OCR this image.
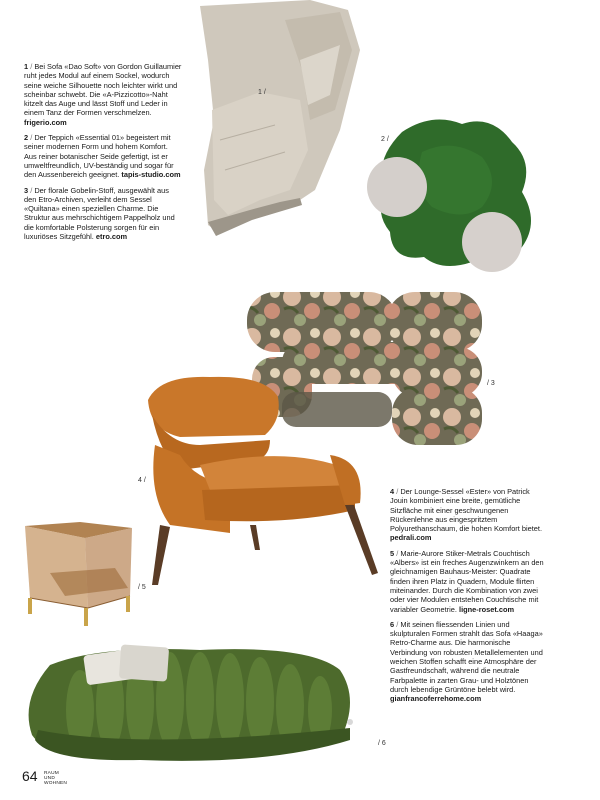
1 / Bei Sofa «Dao Soft» von Gordon Guillaumier ruht jedes Modul auf einem Sockel, wodurch seine weiche Silhouette noch leichter wirkt und scheinbar schwebt. Die «A-Pizzicotto»-Naht kitzelt das Auge und lässt Stoff und Leder in einem Tanz der Formen verschmelzen. frigerio.com

2 / Der Teppich «Essential 01» begeistert mit seiner modernen Form und hohem Komfort. Aus reiner botanischer Seide gefertigt, ist er umweltfreundlich, UV-beständig und sogar für den Aussenbereich geeignet. tapis-studio.com

3 / Der florale Gobelin-Stoff, ausgewählt aus den Etro-Archiven, verleiht dem Sessel «Quiltana» einen speziellen Charme. Die Struktur aus mehrschichtigem Pappelholz und die komfortable Polsterung sorgen für ein luxuriöses Sitzgefühl. etro.com

4 / Der Lounge-Sessel «Ester» von Patrick Jouin kombiniert eine breite, gemütliche Sitzfläche mit einer geschwungenen Rückenlehne aus eingespritztem Polyurethanschaum, die hohen Komfort bietet. pedrali.com

5 / Marie-Aurore Stiker-Metrals Couchtisch «Albers» ist ein freches Augenzwinkern an den gleichnamigen Bauhaus-Meister: Quadrate finden ihren Platz in Quadern, Module flirten miteinander. Durch die Kombination von zwei oder vier Modulen entstehen Couchtische mit variabler Geometrie. ligne-roset.com

6 / Mit seinen fliessenden Linien und skulpturalen Formen strahlt das Sofa «Haaga» Retro-Charme aus. Die harmonische Verbindung von robusten Metallelementen und weichen Stoffen schafft eine Atmosphäre der Gastfreundschaft, während die neutrale Farbpalette in zarten Grau- und Holztönen durch lebendige Grüntöne belebt wird. gianfrancoferrehome.com

1 /
2 /
/ 3
4 /
/ 5
/ 6
64 RAUM UND
WOHNEN
